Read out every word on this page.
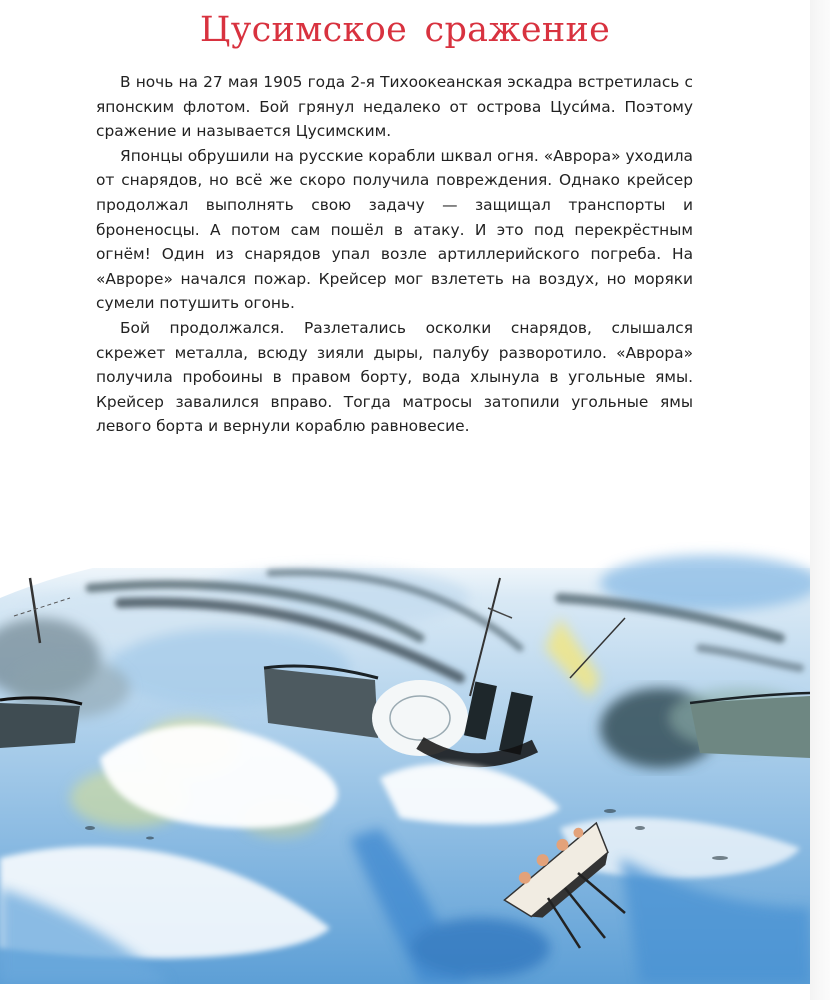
Цусимское сражение

В ночь на 27 мая 1905 года 2-я Тихоокеанская эскадра встретилась с японским флотом. Бой грянул недалеко от острова Цуси́ма. Поэтому сражение и называется Цусимским.

Японцы обрушили на русские корабли шквал огня. «Аврора» уходила от снарядов, но всё же скоро получила повреждения. Однако крейсер продолжал выполнять свою задачу — защищал транспорты и броненосцы. А потом сам пошёл в атаку. И это под перекрёстным огнём! Один из снарядов упал возле артиллерийского погреба. На «Авроре» начался пожар. Крейсер мог взлететь на воздух, но моряки сумели потушить огонь.

Бой продолжался. Разлетались осколки снарядов, слышался скрежет металла, всюду зияли дыры, палубу разворотило. «Аврора» получила пробоины в правом борту, вода хлынула в угольные ямы. Крейсер завалился вправо. Тогда матросы затопили угольные ямы левого борта и вернули кораблю равновесие.
